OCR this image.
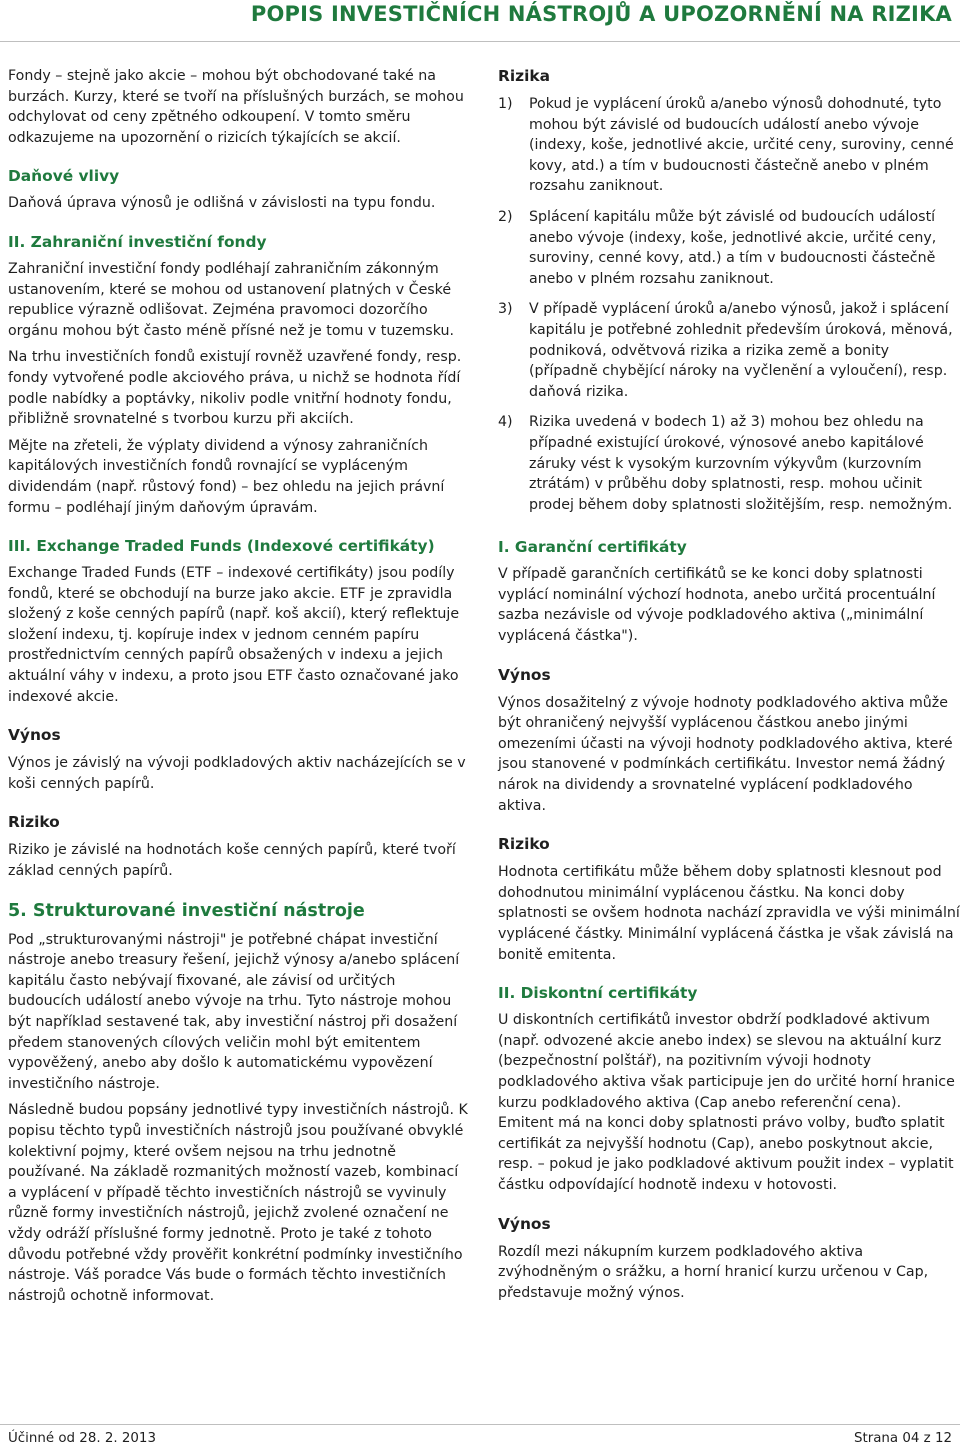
POPIS INVESTIČNÍCH NÁSTROJŮ A UPOZORNĚNÍ NA RIZIKA

Fondy – stejně jako akcie – mohou být obchodované také na burzách. Kurzy, které se tvoří na příslušných burzách, se mohou odchylovat od ceny zpětného odkoupení. V tomto směru odkazujeme na upozornění o rizicích týkajících se akcií.

Daňové vlivy

Daňová úprava výnosů je odlišná v závislosti na typu fondu.

II. Zahraniční investiční fondy

Zahraniční investiční fondy podléhají zahraničním zákonným ustanovením, které se mohou od ustanovení platných v České republice výrazně odlišovat. Zejména pravomoci dozorčího orgánu mohou být často méně přísné než je tomu v tuzemsku.

Na trhu investičních fondů existují rovněž uzavřené fondy, resp. fondy vytvořené podle akciového práva, u nichž se hodnota řídí podle nabídky a poptávky, nikoliv podle vnitřní hodnoty fondu, přibližně srovnatelné s tvorbou kurzu při akciích.

Mějte na zřeteli, že výplaty dividend a výnosy zahraničních kapitálových investičních fondů rovnající se vypláceným dividendám (např. růstový fond) – bez ohledu na jejich právní formu – podléhají jiným daňovým úpravám.

III. Exchange Traded Funds (Indexové certifikáty)

Exchange Traded Funds (ETF – indexové certifikáty) jsou podíly fondů, které se obchodují na burze jako akcie. ETF je zpravidla složený z koše cenných papírů (např. koš akcií), který reflektuje složení indexu, tj. kopíruje index v jednom cenném papíru prostřednictvím cenných papírů obsažených v indexu a jejich aktuální váhy v indexu, a proto jsou ETF často označované jako indexové akcie.

Výnos

Výnos je závislý na vývoji podkladových aktiv nacházejících se v koši cenných papírů.

Riziko

Riziko je závislé na hodnotách koše cenných papírů, které tvoří základ cenných papírů.

5. Strukturované investiční nástroje

Pod „strukturovanými nástroji" je potřebné chápat investiční nástroje anebo treasury řešení, jejichž výnosy a/anebo splácení kapitálu často nebývají fixované, ale závisí od určitých budoucích událostí anebo vývoje na trhu. Tyto nástroje mohou být například sestavené tak, aby investiční nástroj při dosažení předem stanovených cílových veličin mohl být emitentem vypověžený, anebo aby došlo k automatickému vypovězení investičního nástroje.

Následně budou popsány jednotlivé typy investičních nástrojů. K popisu těchto typů investičních nástrojů jsou používané obvyklé kolektivní pojmy, které ovšem nejsou na trhu jednotně používané. Na základě rozmanitých možností vazeb, kombinací a vyplácení v případě těchto investičních nástrojů se vyvinuly různě formy investičních nástrojů, jejichž zvolené označení ne vždy odráží příslušné formy jednotně. Proto je také z tohoto důvodu potřebné vždy prověřit konkrétní podmínky investičního nástroje. Váš poradce Vás bude o formách těchto investičních nástrojů ochotně informovat.

Rizika
1) Pokud je vyplácení úroků a/anebo výnosů dohodnuté, tyto mohou být závislé od budoucích událostí anebo vývoje (indexy, koše, jednotlivé akcie, určité ceny, suroviny, cenné kovy, atd.) a tím v budoucnosti částečně anebo v plném rozsahu zaniknout.
2) Splácení kapitálu může být závislé od budoucích událostí anebo vývoje (indexy, koše, jednotlivé akcie, určité ceny, suroviny, cenné kovy, atd.) a tím v budoucnosti částečně anebo v plném rozsahu zaniknout.
3) V případě vyplácení úroků a/anebo výnosů, jakož i splácení kapitálu je potřebné zohlednit především úroková, měnová, podniková, odvětvová rizika a rizika země a bonity (případně chybějící nároky na vyčlenění a vyloučení), resp. daňová rizika.
4) Rizika uvedená v bodech 1) až 3) mohou bez ohledu na případné existující úrokové, výnosové anebo kapitálové záruky vést k vysokým kurzovním výkyvům (kurzovním ztrátám) v průběhu doby splatnosti, resp. mohou učinit prodej během doby splatnosti složitějším, resp. nemožným.
I. Garanční certifikáty

V případě garančních certifikátů se ke konci doby splatnosti vyplácí nominální výchozí hodnota, anebo určitá procentuální sazba nezávisle od vývoje podkladového aktiva („minimální vyplácená částka").

Výnos

Výnos dosažitelný z vývoje hodnoty podkladového aktiva může být ohraničený nejvyšší vyplácenou částkou anebo jinými omezeními účasti na vývoji hodnoty podkladového aktiva, které jsou stanovené v podmínkách certifikátu. Investor nemá žádný nárok na dividendy a srovnatelné vyplácení podkladového aktiva.

Riziko

Hodnota certifikátu může během doby splatnosti klesnout pod dohodnutou minimální vyplácenou částku. Na konci doby splatnosti se ovšem hodnota nachází zpravidla ve výši minimální vyplácené částky. Minimální vyplácená částka je však závislá na bonitě emitenta.

II. Diskontní certifikáty

U diskontních certifikátů investor obdrží podkladové aktivum (např. odvozené akcie anebo index) se slevou na aktuální kurz (bezpečnostní polštář), na pozitivním vývoji hodnoty podkladového aktiva však participuje jen do určité horní hranice kurzu podkladového aktiva (Cap anebo referenční cena). Emitent má na konci doby splatnosti právo volby, buďto splatit certifikát za nejvyšší hodnotu (Cap), anebo poskytnout akcie, resp. – pokud je jako podkladové aktivum použit index – vyplatit částku odpovídající hodnotě indexu v hotovosti.

Výnos

Rozdíl mezi nákupním kurzem podkladového aktiva zvýhodněným o srážku, a horní hranicí kurzu určenou v Cap, představuje možný výnos.

Účinné od 28. 2. 2013	Strana 04 z 12
